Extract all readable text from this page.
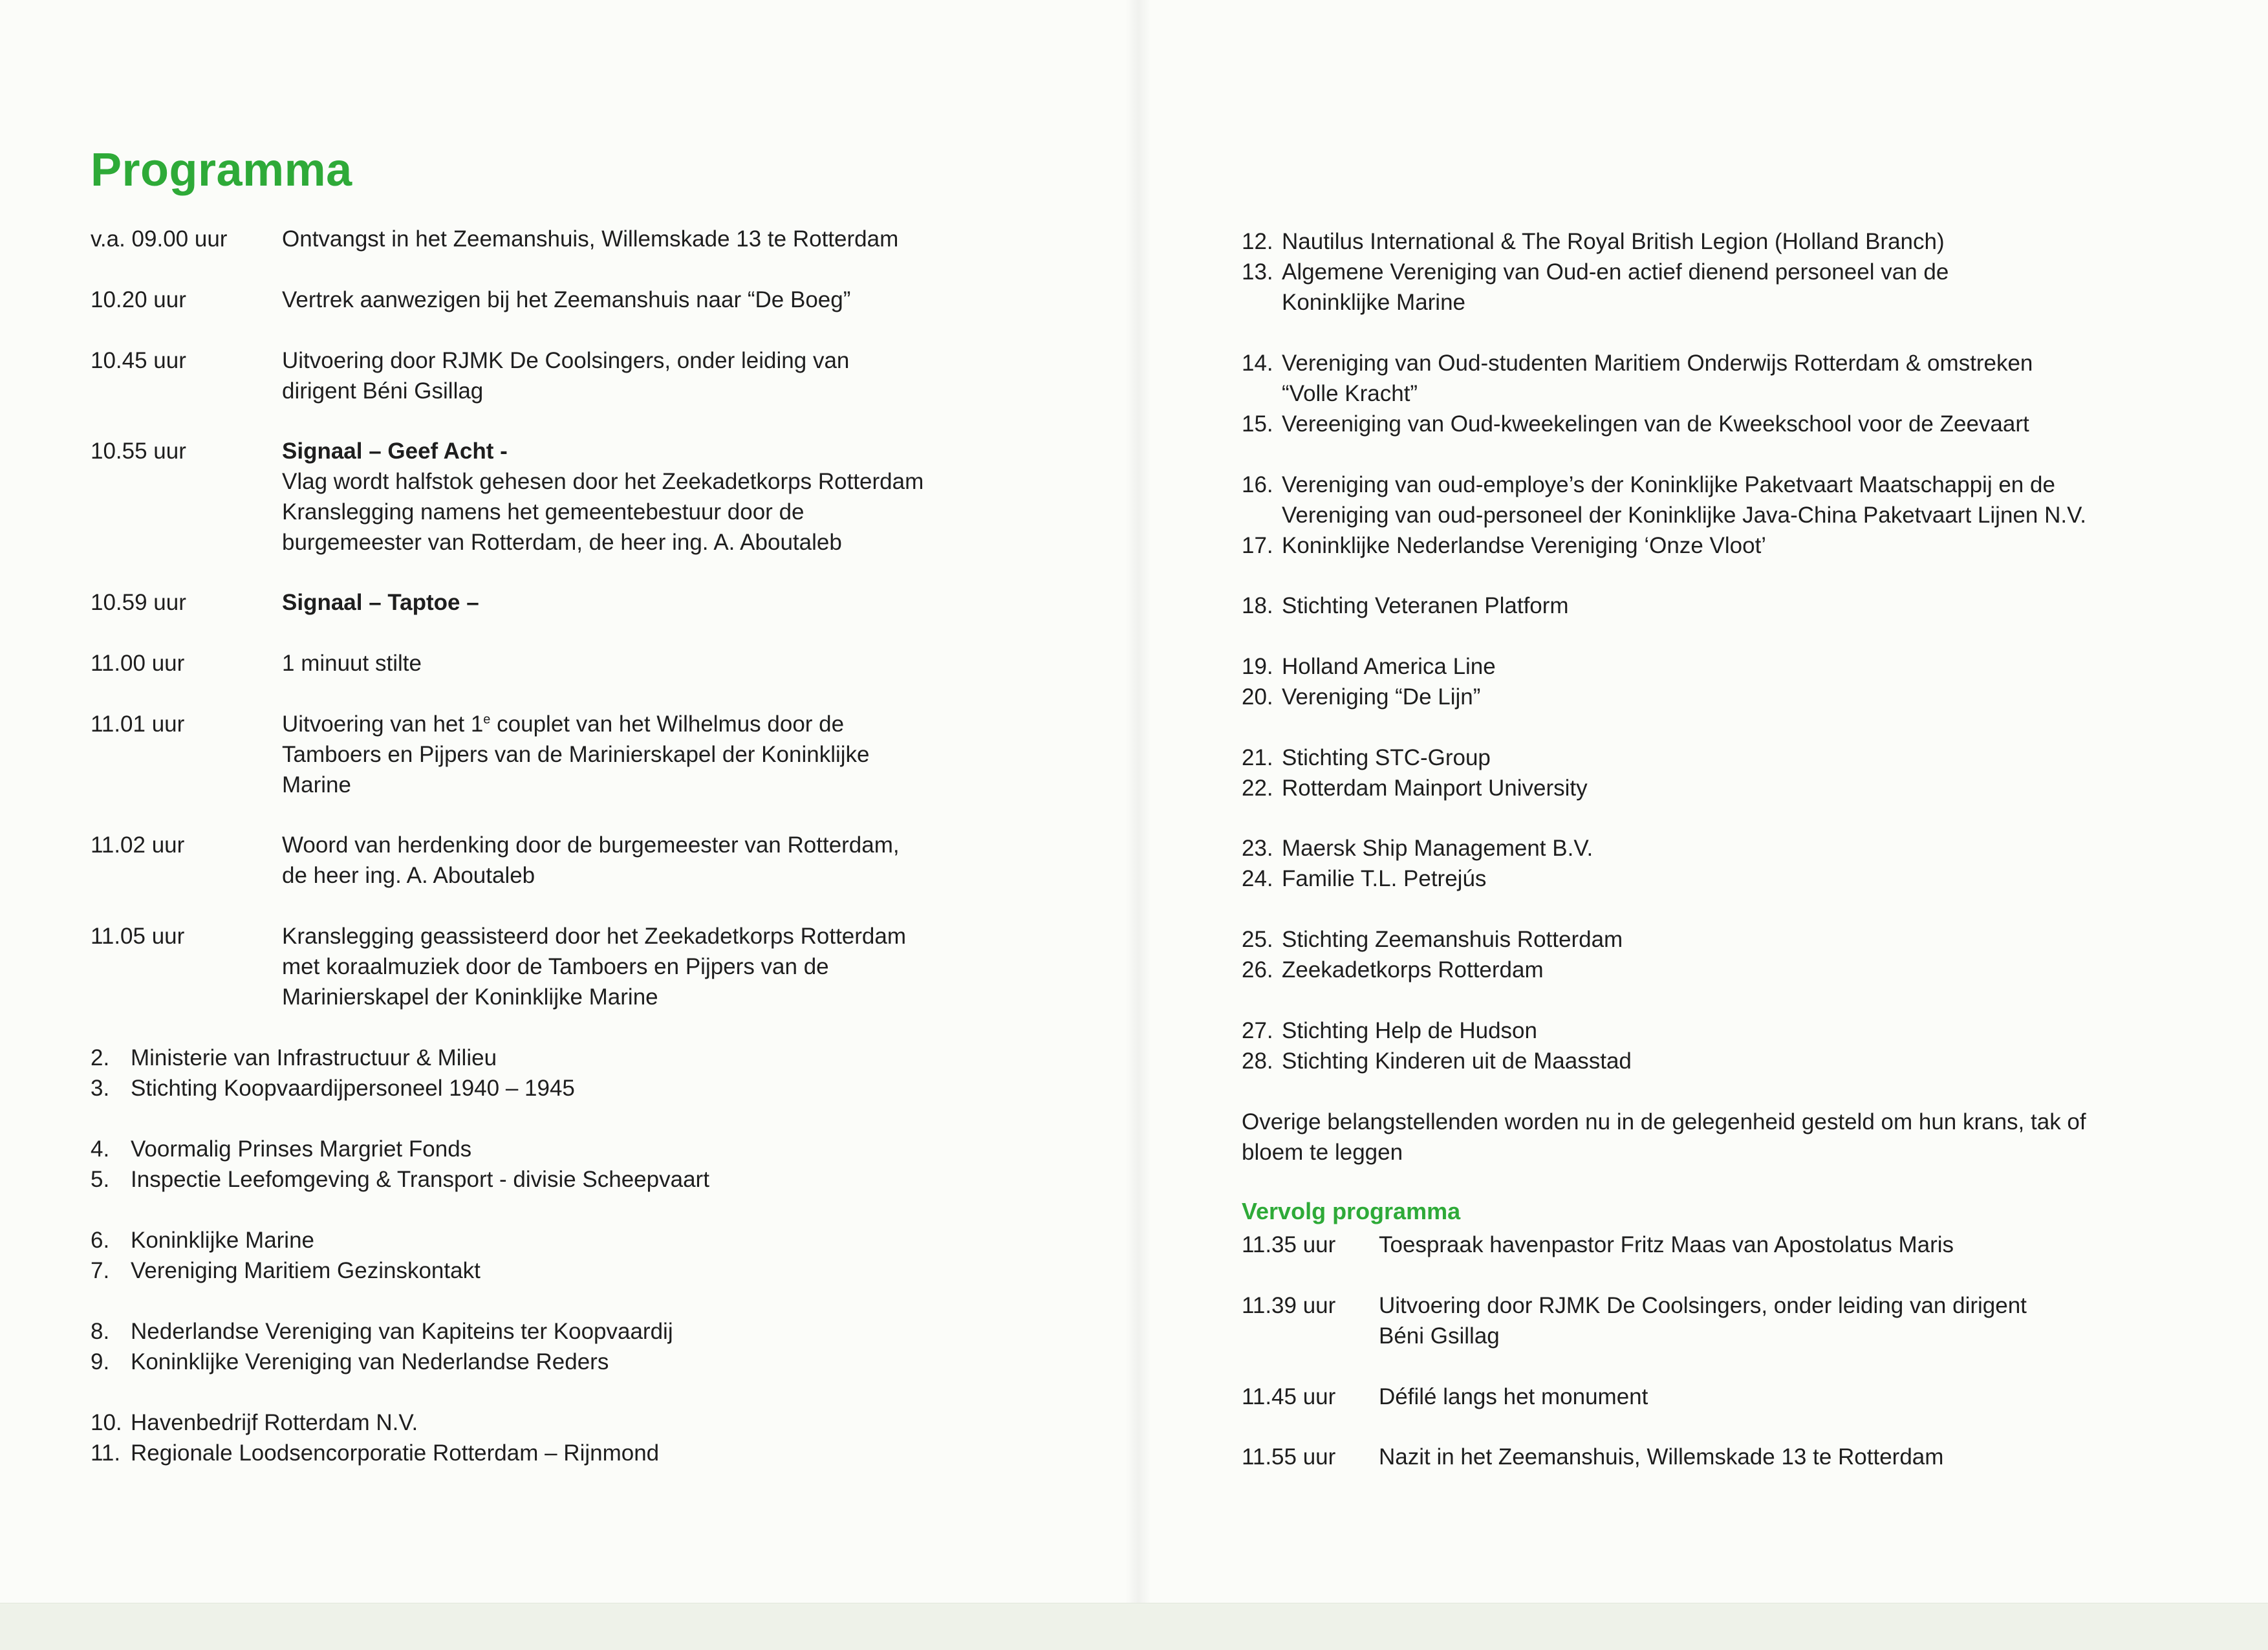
Programma
v.a. 09.00 uur Ontvangst in het Zeemanshuis, Willemskade 13 te Rotterdam
10.20 uur	Vertrek aanwezigen bij het Zeemanshuis naar “De Boeg”
10.45 uur	Uitvoering door RJMK De Coolsingers, onder leiding van
dirigent Béni Gsillag
10.55 uur	Signaal – Geef Acht -
Vlag wordt halfstok gehesen door het Zeekadetkorps Rotterdam
Kranslegging namens het gemeentebestuur door de
burgemeester van Rotterdam, de heer ing. A. Aboutaleb
10.59 uur	Signaal – Taptoe –
11.00 uur	1 minuut stilte
11.01 uur	Uitvoering van het 1e couplet van het Wilhelmus door de
Tamboers en Pijpers van de Marinierskapel der Koninklijke
Marine
11.02 uur	Woord van herdenking door de burgemeester van Rotterdam,
de heer ing. A. Aboutaleb
11.05 uur	Kranslegging geassisteerd door het Zeekadetkorps Rotterdam
met koraalmuziek door de Tamboers en Pijpers van de
Marinierskapel der Koninklijke Marine
2. Ministerie van Infrastructuur & Milieu
3. Stichting Koopvaardijpersoneel 1940 – 1945
4. Voormalig Prinses Margriet Fonds
5. Inspectie Leefomgeving & Transport - divisie Scheepvaart
6. Koninklijke Marine
7. Vereniging Maritiem Gezinskontakt
8. Nederlandse Vereniging van Kapiteins ter Koopvaardij
9. Koninklijke Vereniging van Nederlandse Reders
10. Havenbedrijf Rotterdam N.V.
11. Regionale Loodsencorporatie Rotterdam – Rijnmond
12. Nautilus International & The Royal British Legion (Holland Branch)
13. Algemene Vereniging van Oud-en actief dienend personeel van de
Koninklijke Marine
14. Vereniging van Oud-studenten Maritiem Onderwijs Rotterdam & omstreken
“Volle Kracht”
15. Vereeniging van Oud-kweekelingen van de Kweekschool voor de Zeevaart
16. Vereniging van oud-employe’s der Koninklijke Paketvaart Maatschappij en de
Vereniging van oud-personeel der Koninklijke Java-China Paketvaart Lijnen N.V.
17. Koninklijke Nederlandse Vereniging ‘Onze Vloot’
18. Stichting Veteranen Platform
19. Holland America Line
20. Vereniging “De Lijn”
21. Stichting STC-Group
22. Rotterdam Mainport University
23. Maersk Ship Management B.V.
24. Familie T.L. Petrejús
25. Stichting Zeemanshuis Rotterdam
26. Zeekadetkorps Rotterdam
27. Stichting Help de Hudson
28. Stichting Kinderen uit de Maasstad
Overige belangstellenden worden nu in de gelegenheid gesteld om hun krans, tak of
bloem te leggen
Vervolg programma
11.35 uur Toespraak havenpastor Fritz Maas van Apostolatus Maris
11.39 uur Uitvoering door RJMK De Coolsingers, onder leiding van dirigent
Béni Gsillag
11.45 uur Défilé langs het monument
11.55 uur Nazit in het Zeemanshuis, Willemskade 13 te Rotterdam
